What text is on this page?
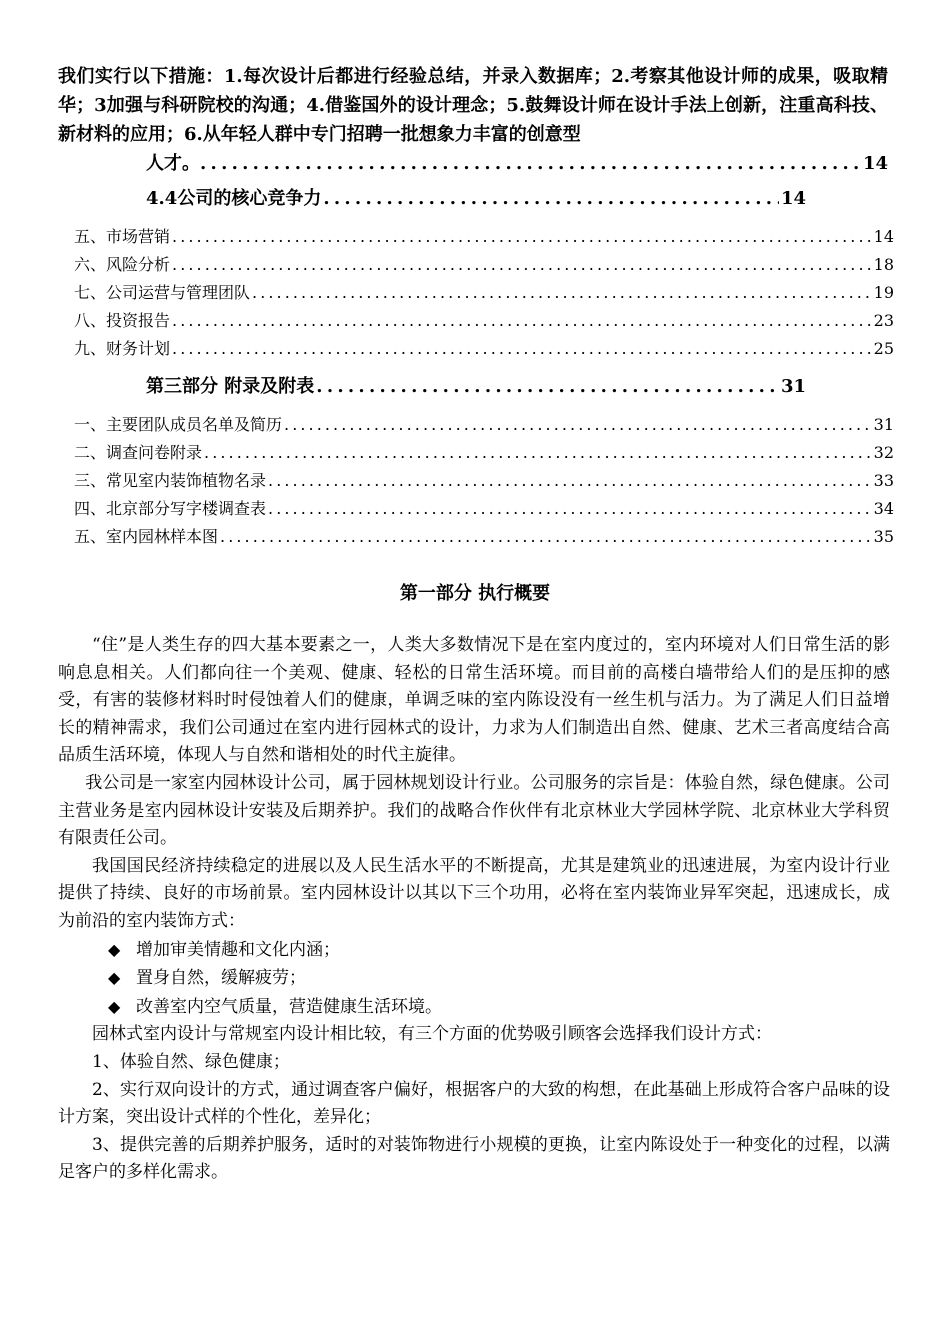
我们实行以下措施：1.每次设计后都进行经验总结，并录入数据库；2.考察其他设计师的成果，吸取精华；3加强与科研院校的沟通；4.借鉴国外的设计理念；5.鼓舞设计师在设计手法上创新，注重高科技、新材料的应用；6.从年轻人群中专门招聘一批想象力丰富的创意型
人才。 . . .	14
4.4公司的核心竞争力 . . .	14
五、市场营销 . . .	14
六、风险分析 . . .	18
七、公司运营与管理团队 . . .	19
八、投资报告 . . .	23
九、财务计划 . . .	25
第三部分 附录及附表 . . .	31
一、主要团队成员名单及简历 . . .	31
二、调查问卷附录 . . .	32
三、常见室内装饰植物名录 . . .	33
四、北京部分写字楼调查表 . . .	34
五、室内园林样本图 . . .	35
第一部分 执行概要

“住”是人类生存的四大基本要素之一，人类大多数情况下是在室内度过的，室内环境对人们日常生活的影响息息相关。人们都向往一个美观、健康、轻松的日常生活环境。而目前的高楼白墙带给人们的是压抑的感受，有害的装修材料时时侵蚀着人们的健康，单调乏味的室内陈设没有一丝生机与活力。为了满足人们日益增长的精神需求，我们公司通过在室内进行园林式的设计，力求为人们制造出自然、健康、艺术三者高度结合高品质生活环境，体现人与自然和谐相处的时代主旋律。

我公司是一家室内园林设计公司，属于园林规划设计行业。公司服务的宗旨是：体验自然，绿色健康。公司主营业务是室内园林设计安装及后期养护。我们的战略合作伙伴有北京林业大学园林学院、北京林业大学科贸有限责任公司。

我国国民经济持续稳定的进展以及人民生活水平的不断提高，尤其是建筑业的迅速进展，为室内设计行业提供了持续、良好的市场前景。室内园林设计以其以下三个功用，必将在室内装饰业异军突起，迅速成长，成为前沿的室内装饰方式：

◆ 增加审美情趣和文化内涵；
◆ 置身自然，缓解疲劳；
◆ 改善室内空气质量，营造健康生活环境。

园林式室内设计与常规室内设计相比较，有三个方面的优势吸引顾客会选择我们设计方式：

1、体验自然、绿色健康；

2、实行双向设计的方式，通过调查客户偏好，根据客户的大致的构想，在此基础上形成符合客户品味的设计方案，突出设计式样的个性化，差异化；

3、提供完善的后期养护服务，适时的对装饰物进行小规模的更换，让室内陈设处于一种变化的过程，以满足客户的多样化需求。
